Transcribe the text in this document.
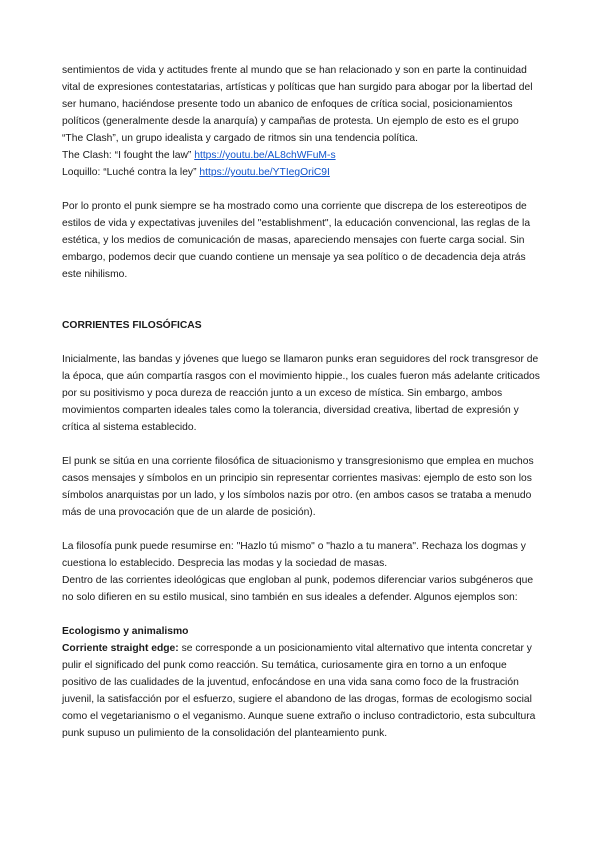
sentimientos de vida y actitudes frente al mundo que se han relacionado y son en parte la continuidad vital de expresiones contestatarias, artísticas y políticas que han surgido para abogar por la libertad del ser humano, haciéndose presente todo un abanico de enfoques de crítica social, posicionamientos políticos (generalmente desde la anarquía) y campañas de protesta. Un ejemplo de esto es el grupo “The Clash”, un grupo idealista y cargado de ritmos sin una tendencia política.

The Clash: “I fought the law” https://youtu.be/AL8chWFuM-s

Loquillo: “Luché contra la ley” https://youtu.be/YTIegOriC9I

Por lo pronto el punk siempre se ha mostrado como una corriente que discrepa de los estereotipos de estilos de vida y expectativas juveniles del "establishment", la educación convencional, las reglas de la estética, y los medios de comunicación de masas, apareciendo mensajes con fuerte carga social. Sin embargo, podemos decir que cuando contiene un mensaje ya sea político o de decadencia deja atrás este nihilismo.

CORRIENTES FILOSÓFICAS

Inicialmente, las bandas y jóvenes que luego se llamaron punks eran seguidores del rock transgresor de la época, que aún compartía rasgos con el movimiento hippie., los cuales fueron más adelante criticados por su positivismo y poca dureza de reacción junto a un exceso de mística. Sin embargo, ambos movimientos comparten ideales tales como la tolerancia, diversidad creativa, libertad de expresión y crítica al sistema establecido.

El punk se sitúa en una corriente filosófica de situacionismo y transgresionismo que emplea en muchos casos mensajes y símbolos en un principio sin representar corrientes masivas: ejemplo de esto son los símbolos anarquistas por un lado, y los símbolos nazis por otro. (en ambos casos se trataba a menudo más de una provocación que de un alarde de posición).

La filosofía punk puede resumirse en: "Hazlo tú mismo" o "hazlo a tu manera". Rechaza los dogmas y cuestiona lo establecido. Desprecia las modas y la sociedad de masas.

Dentro de las corrientes ideológicas que engloban al punk, podemos diferenciar varios subgéneros que no solo difieren en su estilo musical, sino también en sus ideales a defender. Algunos ejemplos son:

Ecologismo y animalismo

Corriente straight edge: se corresponde a un posicionamiento vital alternativo que intenta concretar y pulir el significado del punk como reacción. Su temática, curiosamente gira en torno a un enfoque positivo de las cualidades de la juventud, enfocándose en una vida sana como foco de la frustración juvenil, la satisfacción por el esfuerzo, sugiere el abandono de las drogas, formas de ecologismo social como el vegetarianismo o el veganismo. Aunque suene extraño o incluso contradictorio, esta subcultura punk supuso un pulimiento de la consolidación del planteamiento punk.
